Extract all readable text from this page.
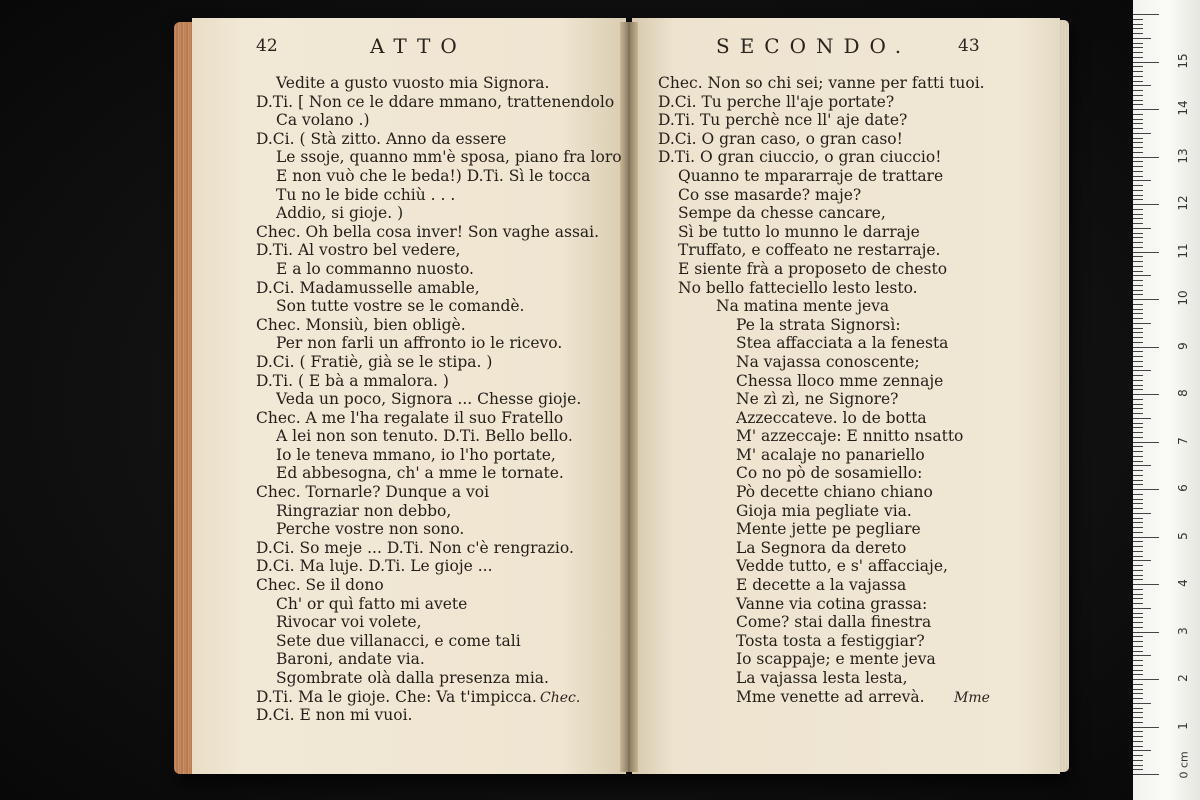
42	ATTO	SECONDO.	43
Vedite a gusto vuosto mia Signora.
D.Ti. [ Non ce le ddare mmano, trattenendolo
Ca volano .)
D.Ci. ( Stà zitto. Anno da essere
Le ssoje, quanno mm'è sposa, piano fra loro
E non vuò che le beda!) D.Ti. Sì le tocca
Tu no le bide cchiù . . .
Addio, si gioje. )
Chec. Oh bella cosa inver! Son vaghe assai.
D.Ti. Al vostro bel vedere,
E a lo commanno nuosto.
D.Ci. Madamusselle amable,
Son tutte vostre se le comandè.
Chec. Monsiù, bien obligè.
Per non farli un affronto io le ricevo.
D.Ci. ( Fratiè, già se le stipa. )
D.Ti. ( E bà a mmalora. )
Veda un poco, Signora ... Chesse gioje.
Chec. A me l'ha regalate il suo Fratello
A lei non son tenuto. D.Ti. Bello bello.
Io le teneva mmano, io l'ho portate,
Ed abbesogna, ch' a mme le tornate.
Chec. Tornarle? Dunque a voi
Ringraziar non debbo,
Perche vostre non sono.
D.Ci. So meje ... D.Ti. Non c'è rengrazio.
D.Ci. Ma luje. D.Ti. Le gioje ...
Chec. Se il dono
Ch' or quì fatto mi avete
Rivocar voi volete,
Sete due villanacci, e come tali
Baroni, andate via.
Sgombrate olà dalla presenza mia.
D.Ti. Ma le gioje. Che: Va t'impicca.
D.Ci. E non mi vuoi.
Chec. Non so chi sei; vanne per fatti tuoi.
D.Ci. Tu perche ll'aje portate?
D.Ti. Tu perchè nce ll' aje date?
D.Ci. O gran caso, o gran caso!
D.Ti. O gran ciuccio, o gran ciuccio!
Quanno te mpararraje de trattare
Co sse masarde? maje?
Sempe da chesse cancare,
Sì be tutto lo munno le darraje
Truffato, e coffeato ne restarraje.
E siente frà a proposeto de chesto
No bello fatteciello lesto lesto.
Na matina mente jeva
Pe la strata Signorsì:
Stea affacciata a la fenesta
Na vajassa conoscente;
Chessa lloco mme zennaje
Ne zì zì, ne Signore?
Azzeccateve. lo de botta
M' azzeccaje: E nnitto nsatto
M' acalaje no panariello
Co no pò de sosamiello:
Pò decette chiano chiano
Gioja mia pegliate via.
Mente jette pe pegliare
La Segnora da dereto
Vedde tutto, e s' affacciaje,
E decette a la vajassa
Vanne via cotina grassa:
Come? stai dalla finestra
Tosta tosta a festiggiar?
Io scappaje; e mente jeva
La vajassa lesta lesta,
Mme venette ad arrevà.
Chec.	Mme
1
2
3
4
5
6
7
8
9
10
11
12
13
14
15
0 cm
